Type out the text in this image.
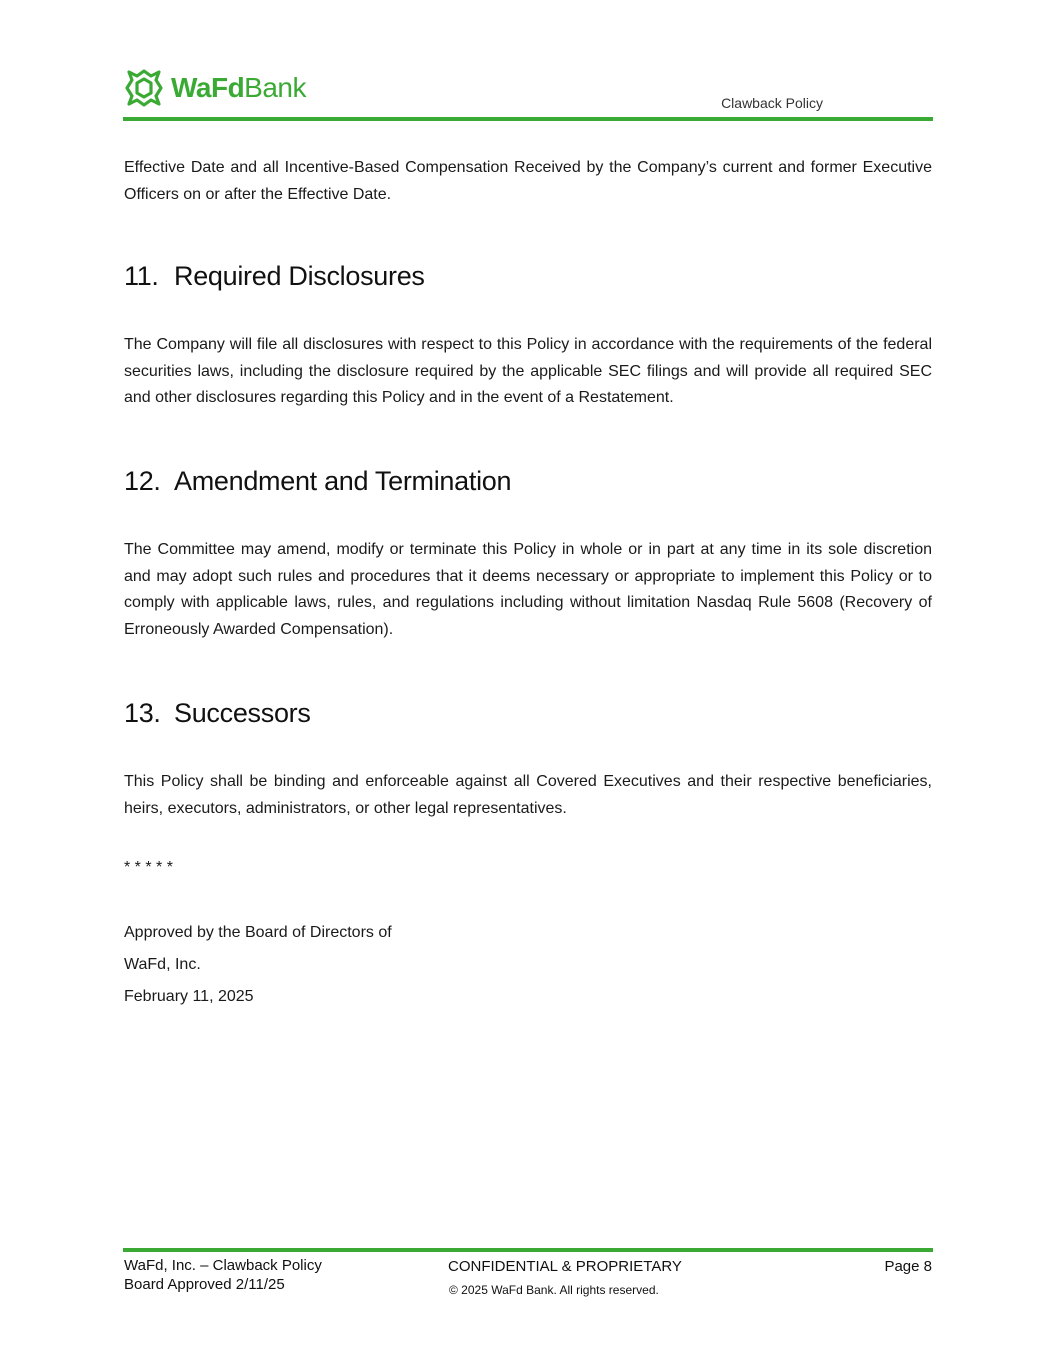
WaFdBank	Clawback Policy

Effective Date and all Incentive-Based Compensation Received by the Company’s current and former Executive Officers on or after the Effective Date.

11. Required Disclosures

The Company will file all disclosures with respect to this Policy in accordance with the requirements of the federal securities laws, including the disclosure required by the applicable SEC filings and will provide all required SEC and other disclosures regarding this Policy and in the event of a Restatement.

12. Amendment and Termination

The Committee may amend, modify or terminate this Policy in whole or in part at any time in its sole discretion and may adopt such rules and procedures that it deems necessary or appropriate to implement this Policy or to comply with applicable laws, rules, and regulations including without limitation Nasdaq Rule 5608 (Recovery of Erroneously Awarded Compensation).

13. Successors

This Policy shall be binding and enforceable against all Covered Executives and their respective beneficiaries, heirs, executors, administrators, or other legal representatives.

* * * * *

Approved by the Board of Directors of

WaFd, Inc.

February 11, 2025

WaFd, Inc. – Clawback Policy
Board Approved 2/11/25
CONFIDENTIAL & PROPRIETARY
© 2025 WaFd Bank. All rights reserved.
Page 8
